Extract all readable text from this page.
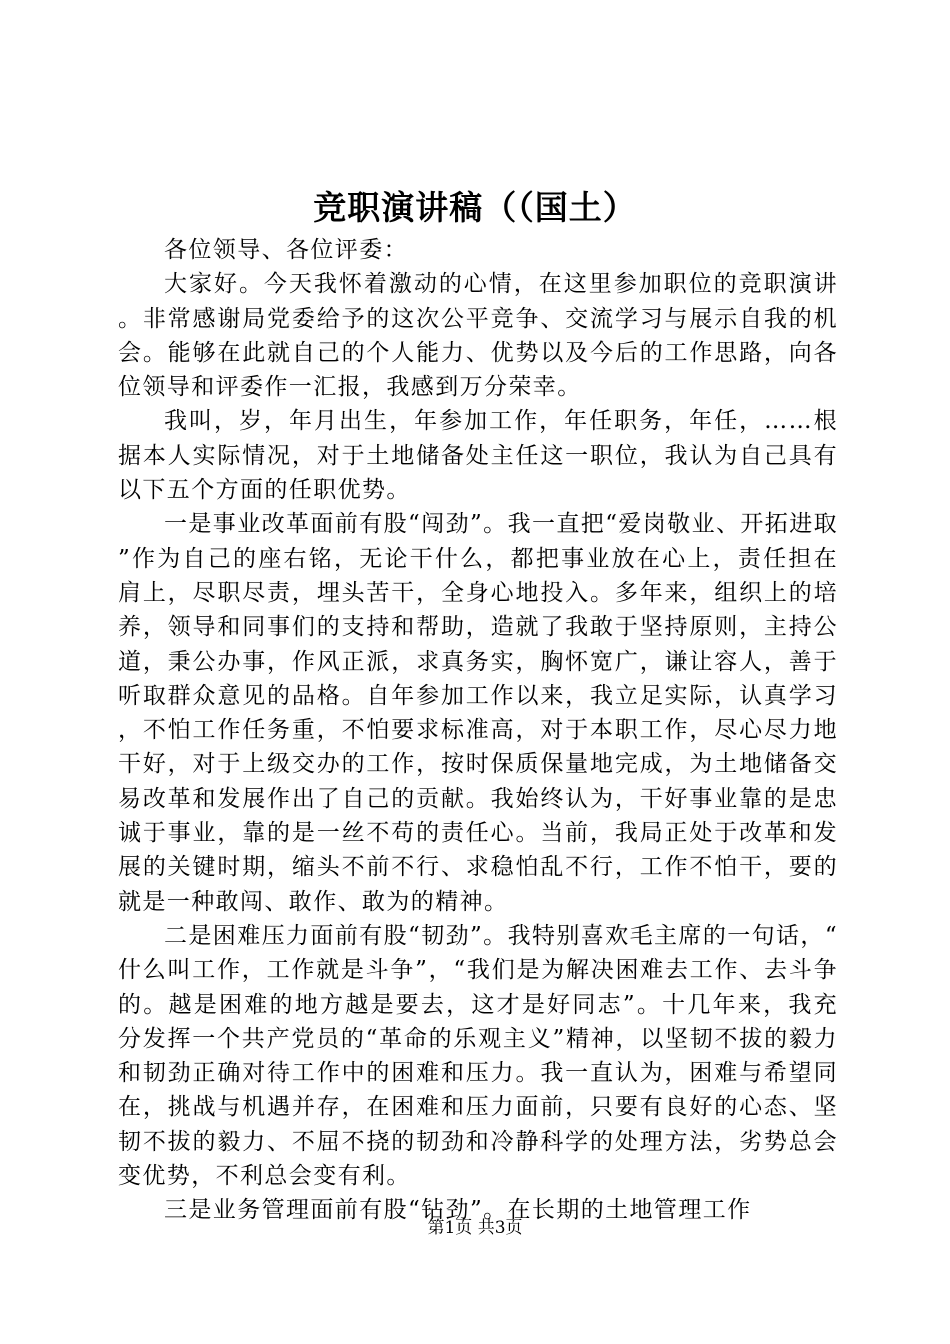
竞职演讲稿（（国土）

各位领导、各位评委：

大家好。今天我怀着激动的心情，在这里参加职位的竞职演讲。非常感谢局党委给予的这次公平竞争、交流学习与展示自我的机会。能够在此就自己的个人能力、优势以及今后的工作思路，向各位领导和评委作一汇报，我感到万分荣幸。

我叫，岁，年月出生，年参加工作，年任职务，年任，……根据本人实际情况，对于土地储备处主任这一职位，我认为自己具有以下五个方面的任职优势。

一是事业改革面前有股“闯劲”。我一直把“爱岗敬业、开拓进取”作为自己的座右铭，无论干什么，都把事业放在心上，责任担在肩上，尽职尽责，埋头苦干，全身心地投入。多年来，组织上的培养，领导和同事们的支持和帮助，造就了我敢于坚持原则，主持公道，秉公办事，作风正派，求真务实，胸怀宽广，谦让容人，善于听取群众意见的品格。自年参加工作以来，我立足实际，认真学习，不怕工作任务重，不怕要求标准高，对于本职工作，尽心尽力地干好，对于上级交办的工作，按时保质保量地完成，为土地储备交易改革和发展作出了自己的贡献。我始终认为，干好事业靠的是忠诚于事业，靠的是一丝不苟的责任心。当前，我局正处于改革和发展的关键时期，缩头不前不行、求稳怕乱不行，工作不怕干，要的就是一种敢闯、敢作、敢为的精神。

二是困难压力面前有股“韧劲”。我特别喜欢毛主席的一句话，“什么叫工作，工作就是斗争”，“我们是为解决困难去工作、去斗争的。越是困难的地方越是要去，这才是好同志”。十几年来，我充分发挥一个共产党员的“革命的乐观主义”精神，以坚韧不拔的毅力和韧劲正确对待工作中的困难和压力。我一直认为，困难与希望同在，挑战与机遇并存，在困难和压力面前，只要有良好的心态、坚韧不拔的毅力、不屈不挠的韧劲和冷静科学的处理方法，劣势总会变优势，不利总会变有利。

三是业务管理面前有股“钻劲”。在长期的土地管理工作

第1页 共3页
